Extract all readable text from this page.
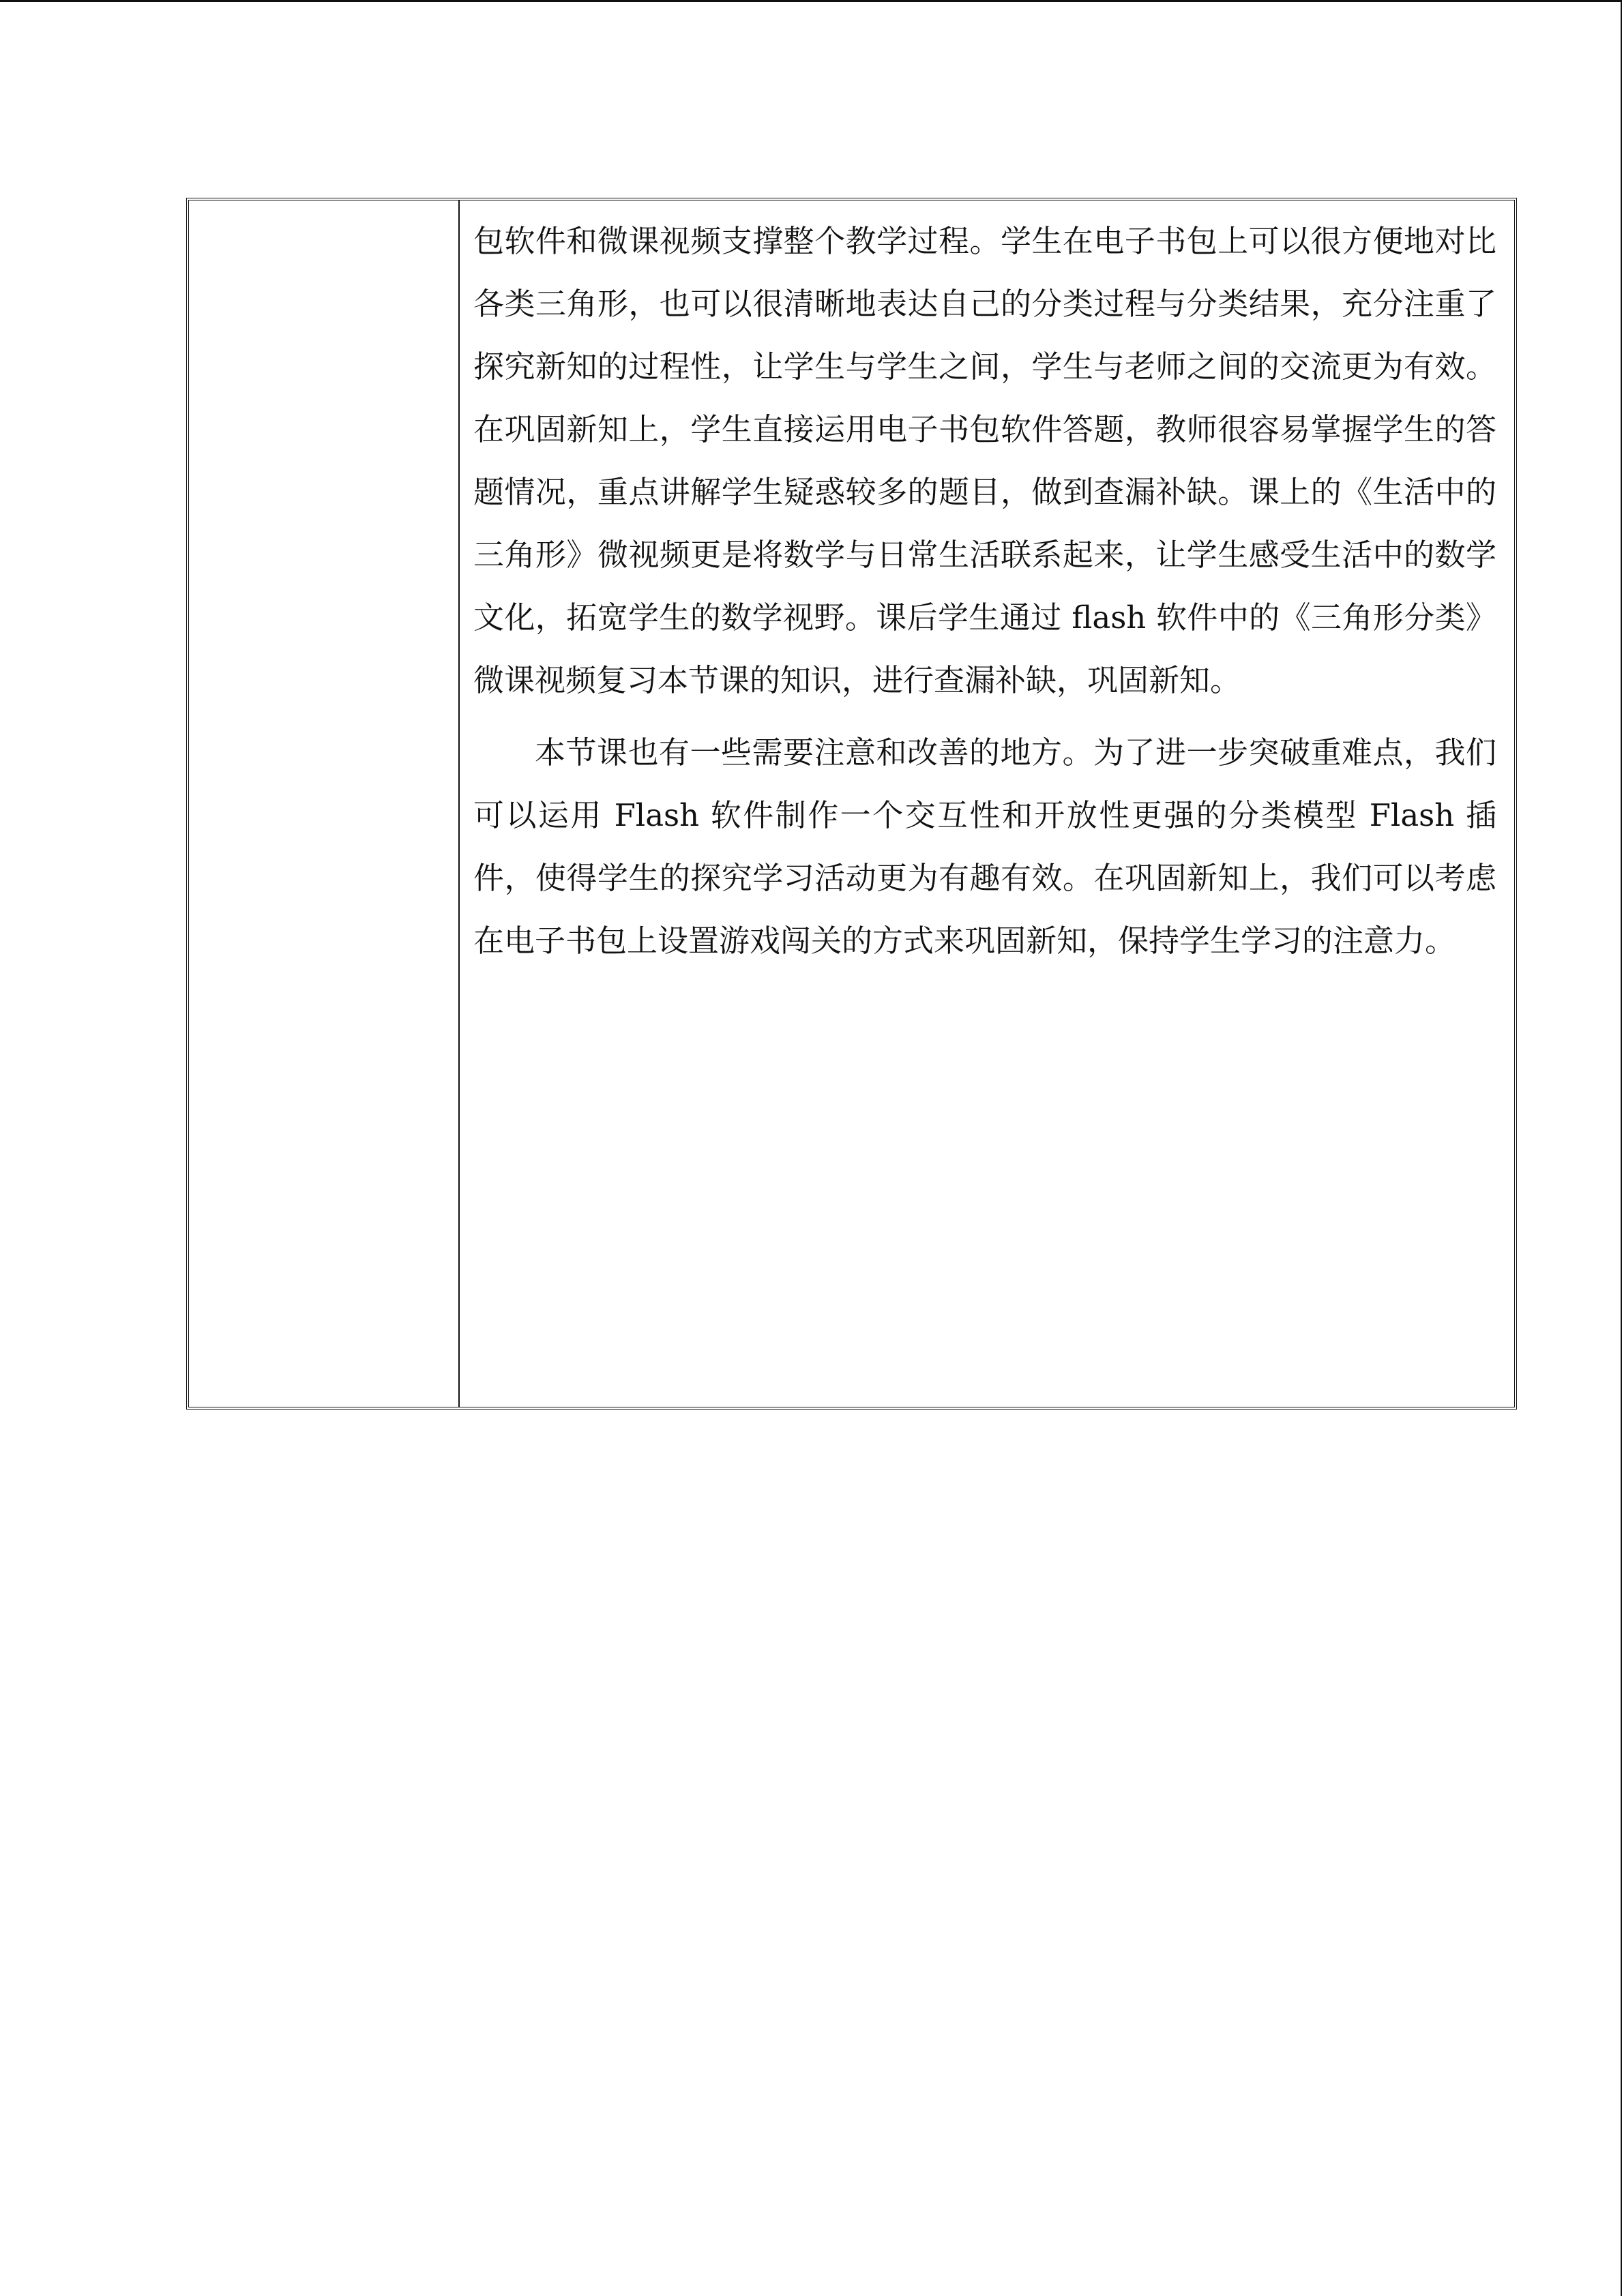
包软件和微课视频支撑整个教学过程。学生在电子书包上可以很方便地对比各类三角形，也可以很清晰地表达自己的分类过程与分类结果，充分注重了探究新知的过程性，让学生与学生之间，学生与老师之间的交流更为有效。在巩固新知上，学生直接运用电子书包软件答题，教师很容易掌握学生的答题情况，重点讲解学生疑惑较多的题目，做到查漏补缺。课上的《生活中的三角形》微视频更是将数学与日常生活联系起来，让学生感受生活中的数学文化，拓宽学生的数学视野。课后学生通过 flash 软件中的《三角形分类》微课视频复习本节课的知识，进行查漏补缺，巩固新知。

本节课也有一些需要注意和改善的地方。为了进一步突破重难点，我们可以运用 Flash 软件制作一个交互性和开放性更强的分类模型 Flash 插件，使得学生的探究学习活动更为有趣有效。在巩固新知上，我们可以考虑在电子书包上设置游戏闯关的方式来巩固新知，保持学生学习的注意力。
